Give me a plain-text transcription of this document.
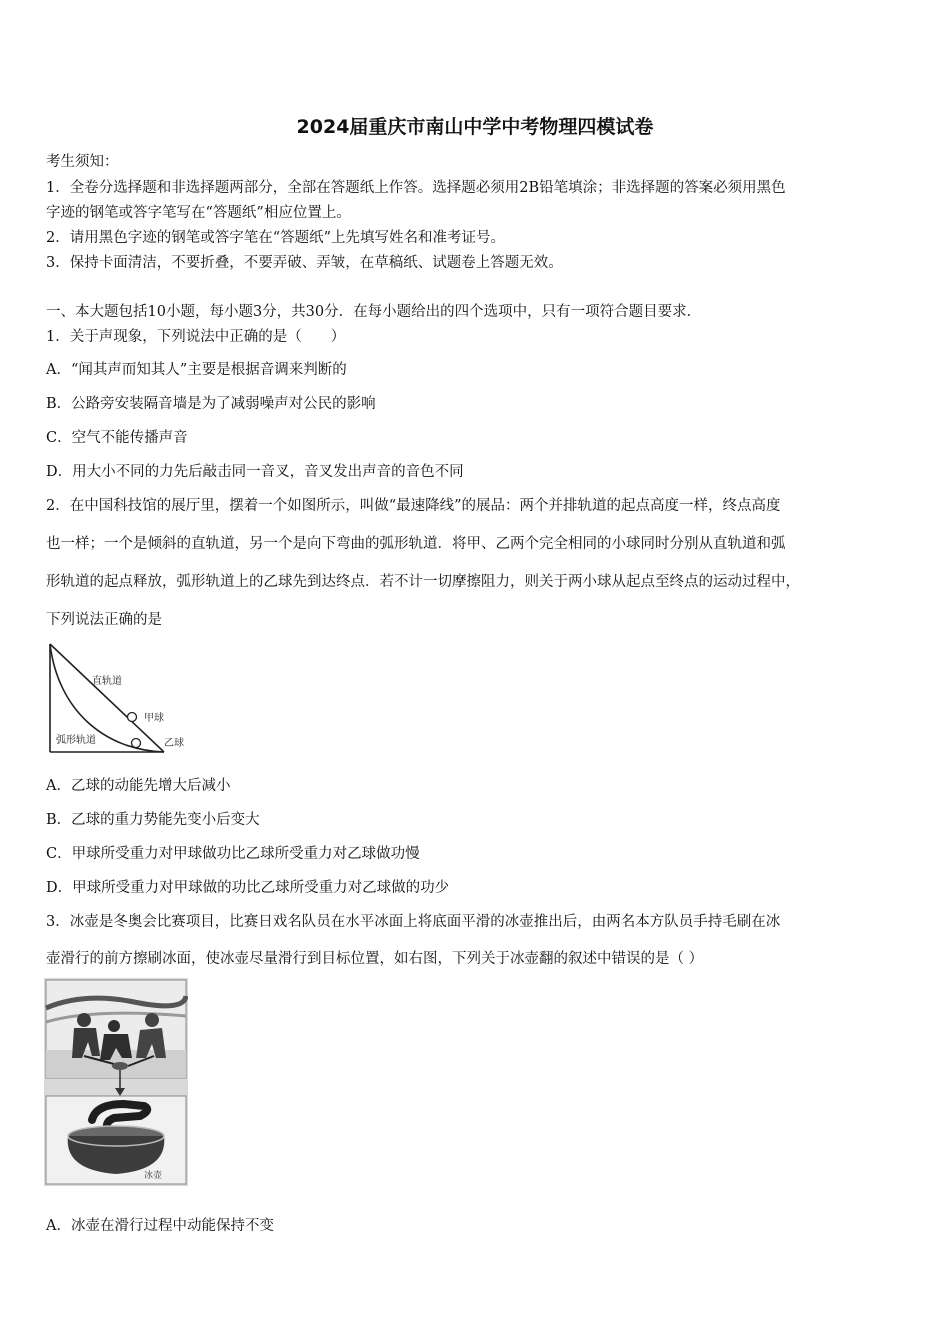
2024届重庆市南山中学中考物理四模试卷
考生须知：
1．全卷分选择题和非选择题两部分，全部在答题纸上作答。选择题必须用2B铅笔填涂；非选择题的答案必须用黑色
字迹的钢笔或答字笔写在“答题纸”相应位置上。
2．请用黑色字迹的钢笔或答字笔在“答题纸”上先填写姓名和准考证号。
3．保持卡面清洁，不要折叠，不要弄破、弄皱，在草稿纸、试题卷上答题无效。
一、本大题包括10小题，每小题3分，共30分．在每小题给出的四个选项中，只有一项符合题目要求．
1．关于声现象，下列说法中正确的是（　　）
A．“闻其声而知其人”主要是根据音调来判断的
B．公路旁安装隔音墙是为了减弱噪声对公民的影响
C．空气不能传播声音
D．用大小不同的力先后敲击同一音叉，音叉发出声音的音色不同
2．在中国科技馆的展厅里，摆着一个如图所示，叫做“最速降线”的展品：两个并排轨道的起点高度一样，终点高度
也一样；一个是倾斜的直轨道，另一个是向下弯曲的弧形轨道．将甲、乙两个完全相同的小球同时分别从直轨道和弧
形轨道的起点释放，弧形轨道上的乙球先到达终点．若不计一切摩擦阻力，则关于两小球从起点至终点的运动过程中，
下列说法正确的是
直轨道
甲球
弧形轨道	乙球
A．乙球的动能先增大后减小
B．乙球的重力势能先变小后变大
C．甲球所受重力对甲球做功比乙球所受重力对乙球做功慢
D．甲球所受重力对甲球做的功比乙球所受重力对乙球做的功少
3．冰壶是冬奥会比赛项目，比赛日戏名队员在水平冰面上将底面平滑的冰壶推出后，由两名本方队员手持毛刷在冰
壶滑行的前方擦刷冰面，使冰壶尽量滑行到目标位置，如右图，下列关于冰壶翻的叙述中错误的是（ ）
冰壶
A．冰壶在滑行过程中动能保持不变
